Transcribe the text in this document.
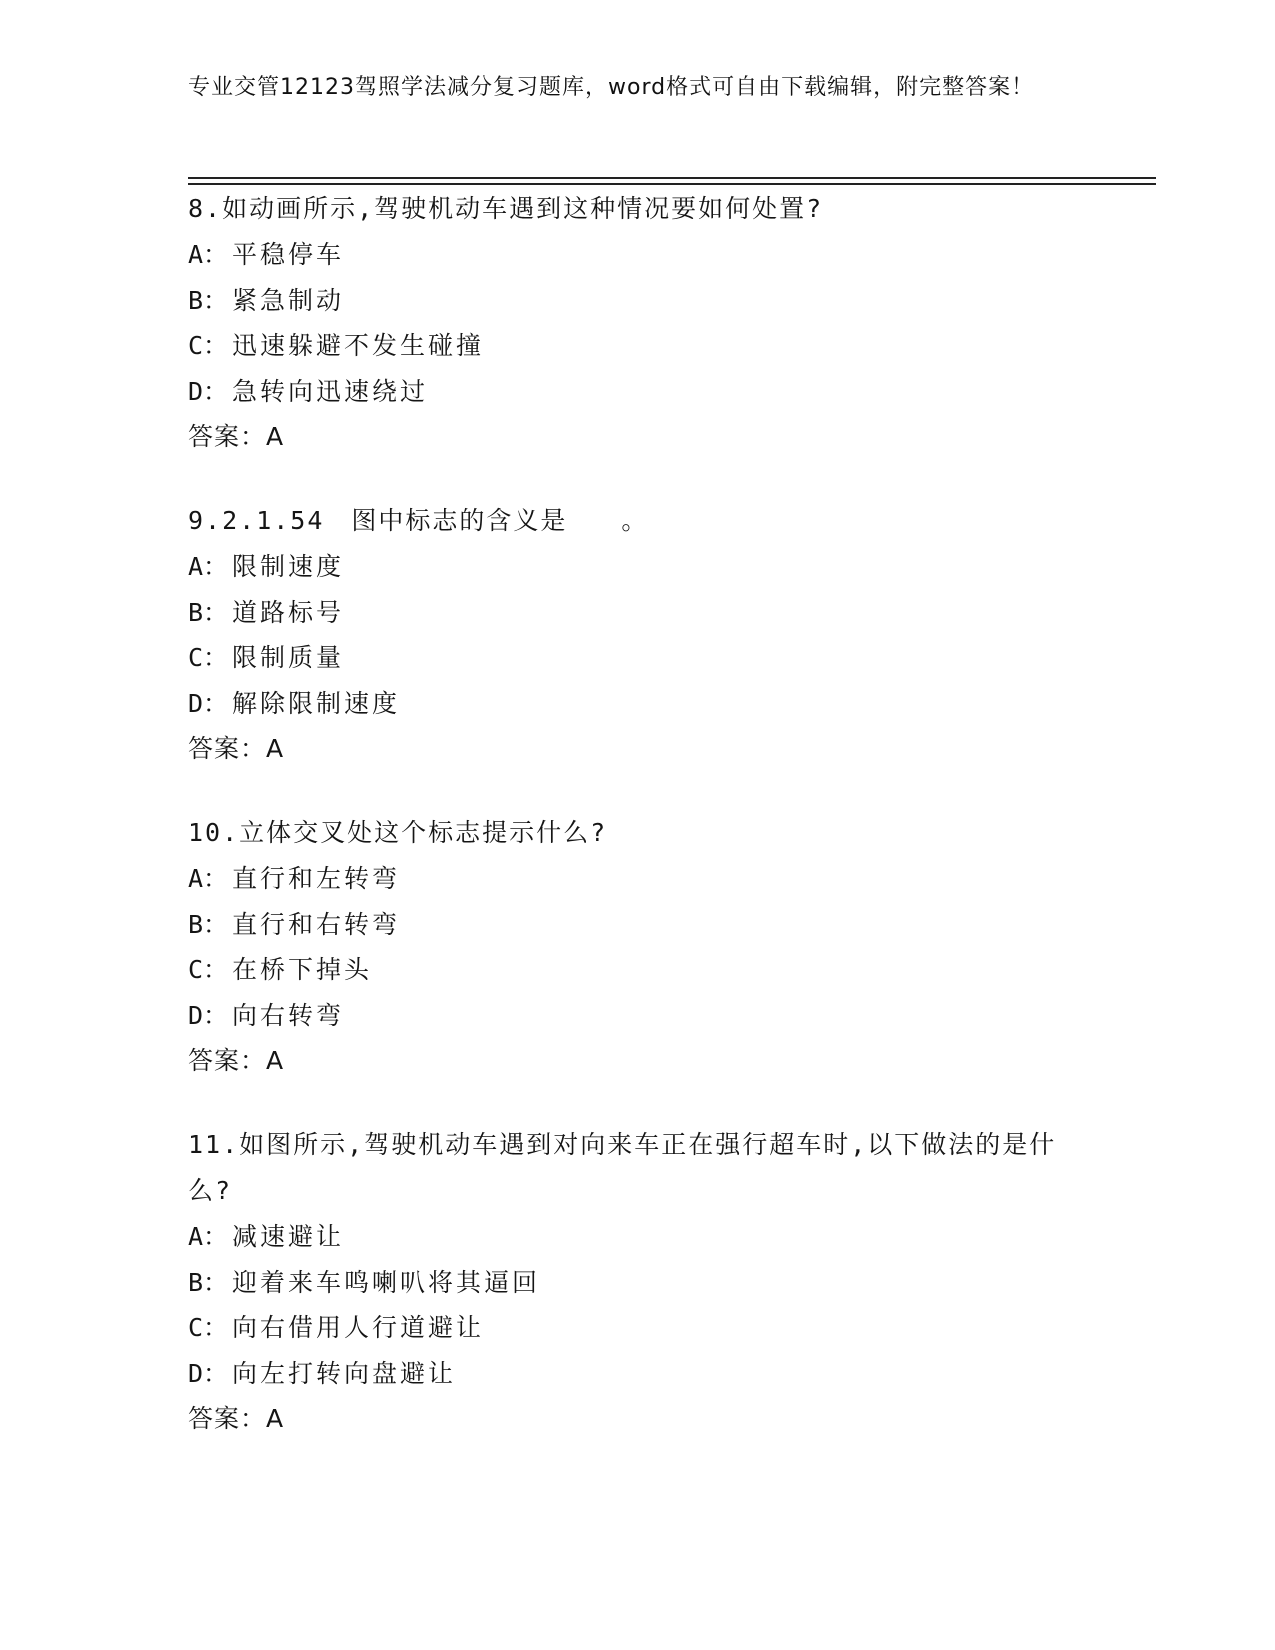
专业交管12123驾照学法减分复习题库，word格式可自由下载编辑，附完整答案！
8.如动画所示,驾驶机动车遇到这种情况要如何处置?
A： 平稳停车
B： 紧急制动
C： 迅速躲避不发生碰撞
D： 急转向迅速绕过
答案：A
9.2.1.54　图中标志的含义是　　。
A： 限制速度
B： 道路标号
C： 限制质量
D： 解除限制速度
答案：A
10.立体交叉处这个标志提示什么?
A： 直行和左转弯
B： 直行和右转弯
C： 在桥下掉头
D： 向右转弯
答案：A
11.如图所示,驾驶机动车遇到对向来车正在强行超车时,以下做法的是什么?
A： 减速避让
B： 迎着来车鸣喇叭将其逼回
C： 向右借用人行道避让
D： 向左打转向盘避让
答案：A
